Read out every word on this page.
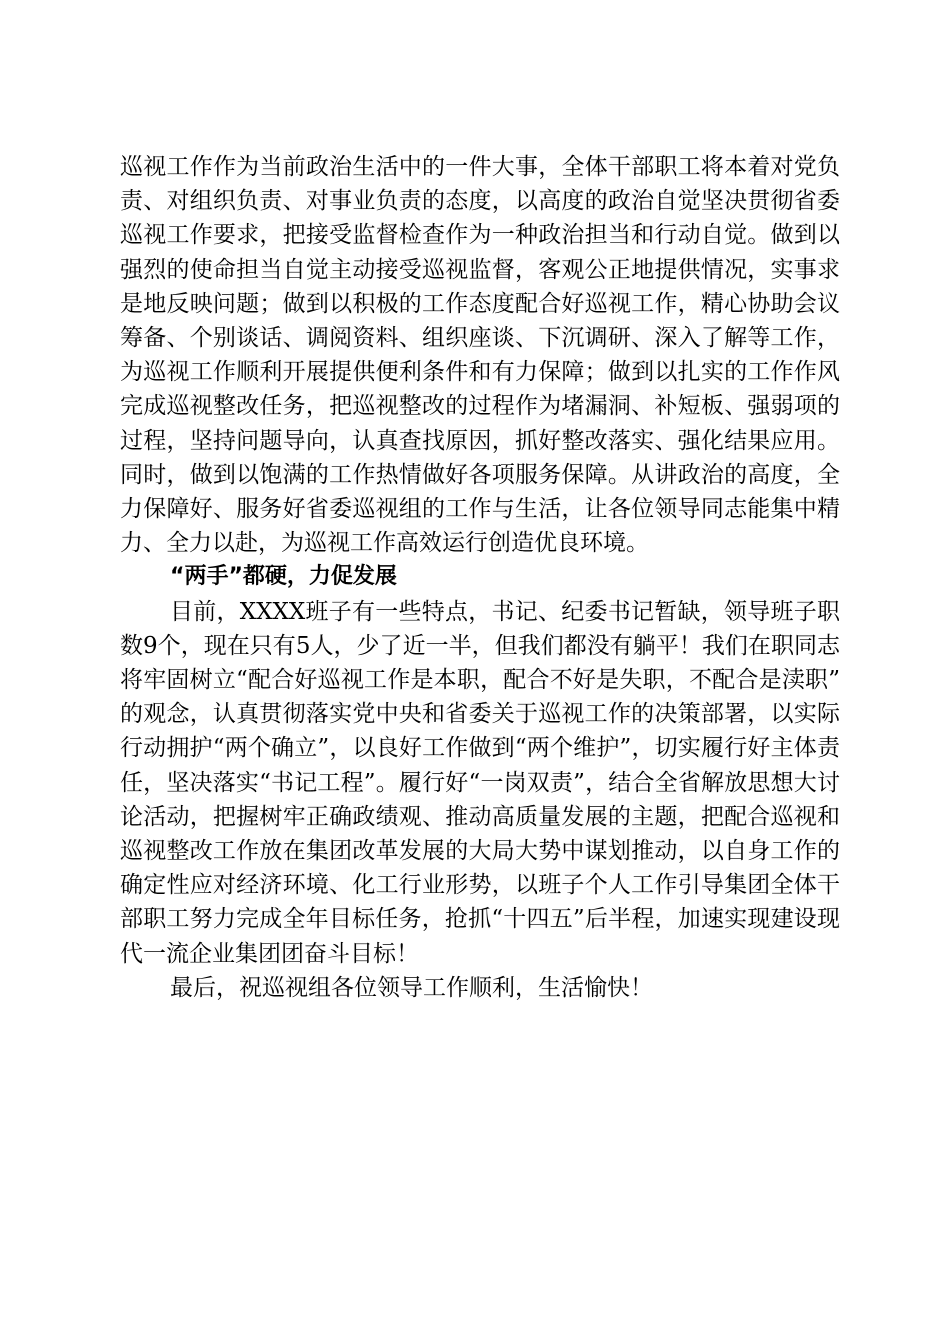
巡视工作作为当前政治生活中的一件大事，全体干部职工将本着对党负责、对组织负责、对事业负责的态度，以高度的政治自觉坚决贯彻省委巡视工作要求，把接受监督检查作为一种政治担当和行动自觉。做到以强烈的使命担当自觉主动接受巡视监督，客观公正地提供情况，实事求是地反映问题；做到以积极的工作态度配合好巡视工作，精心协助会议筹备、个别谈话、调阅资料、组织座谈、下沉调研、深入了解等工作，为巡视工作顺利开展提供便利条件和有力保障；做到以扎实的工作作风完成巡视整改任务，把巡视整改的过程作为堵漏洞、补短板、强弱项的过程，坚持问题导向，认真查找原因，抓好整改落实、强化结果应用。同时，做到以饱满的工作热情做好各项服务保障。从讲政治的高度，全力保障好、服务好省委巡视组的工作与生活，让各位领导同志能集中精力、全力以赴，为巡视工作高效运行创造优良环境。

“两手”都硬，力促发展

目前，XXXX班子有一些特点，书记、纪委书记暂缺，领导班子职数9个，现在只有5人，少了近一半，但我们都没有躺平！我们在职同志将牢固树立“配合好巡视工作是本职，配合不好是失职，不配合是渎职”的观念，认真贯彻落实党中央和省委关于巡视工作的决策部署，以实际行动拥护“两个确立”，以良好工作做到“两个维护”，切实履行好主体责任，坚决落实“书记工程”。履行好“一岗双责”，结合全省解放思想大讨论活动，把握树牢正确政绩观、推动高质量发展的主题，把配合巡视和巡视整改工作放在集团改革发展的大局大势中谋划推动，以自身工作的确定性应对经济环境、化工行业形势，以班子个人工作引导集团全体干部职工努力完成全年目标任务，抢抓“十四五”后半程，加速实现建设现代一流企业集团团奋斗目标！

最后，祝巡视组各位领导工作顺利，生活愉快！
